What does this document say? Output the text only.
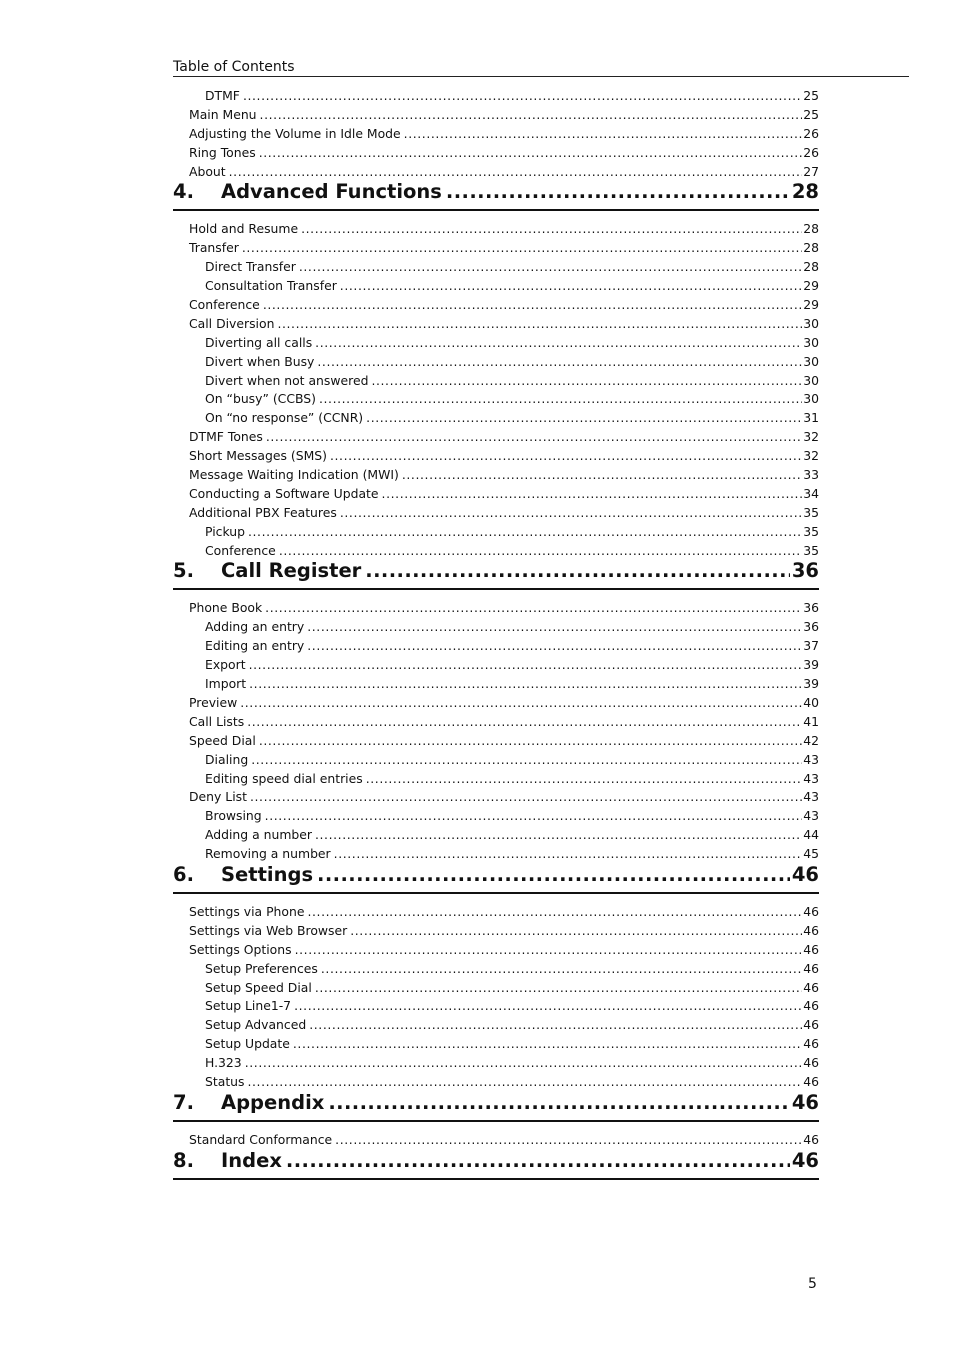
Table of Contents
DTMF .....	25
Main Menu .....	25
Adjusting the Volume in Idle Mode .....	26
Ring Tones .....	26
About .....	27
4.	Advanced Functions .....	28
Hold and Resume .....	28
Transfer .....	28
Direct Transfer .....	28
Consultation Transfer .....	29
Conference .....	29
Call Diversion .....	30
Diverting all calls .....	30
Divert when Busy .....	30
Divert when not answered .....	30
On “busy” (CCBS) .....	30
On “no response” (CCNR) .....	31
DTMF Tones .....	32
Short Messages (SMS) .....	32
Message Waiting Indication (MWI) .....	33
Conducting a Software Update .....	34
Additional PBX Features .....	35
Pickup .....	35
Conference .....	35
5.	Call Register .....	36
Phone Book .....	36
Adding an entry .....	36
Editing an entry .....	37
Export .....	39
Import .....	39
Preview .....	40
Call Lists .....	41
Speed Dial .....	42
Dialing .....	43
Editing speed dial entries .....	43
Deny List .....	43
Browsing .....	43
Adding a number .....	44
Removing a number .....	45
6.	Settings .....	46
Settings via Phone .....	46
Settings via Web Browser .....	46
Settings Options .....	46
Setup Preferences .....	46
Setup Speed Dial .....	46
Setup Line1-7 .....	46
Setup Advanced .....	46
Setup Update .....	46
H.323 .....	46
Status .....	46
7.	Appendix .....	46
Standard Conformance .....	46
8.	Index .....	46
5
